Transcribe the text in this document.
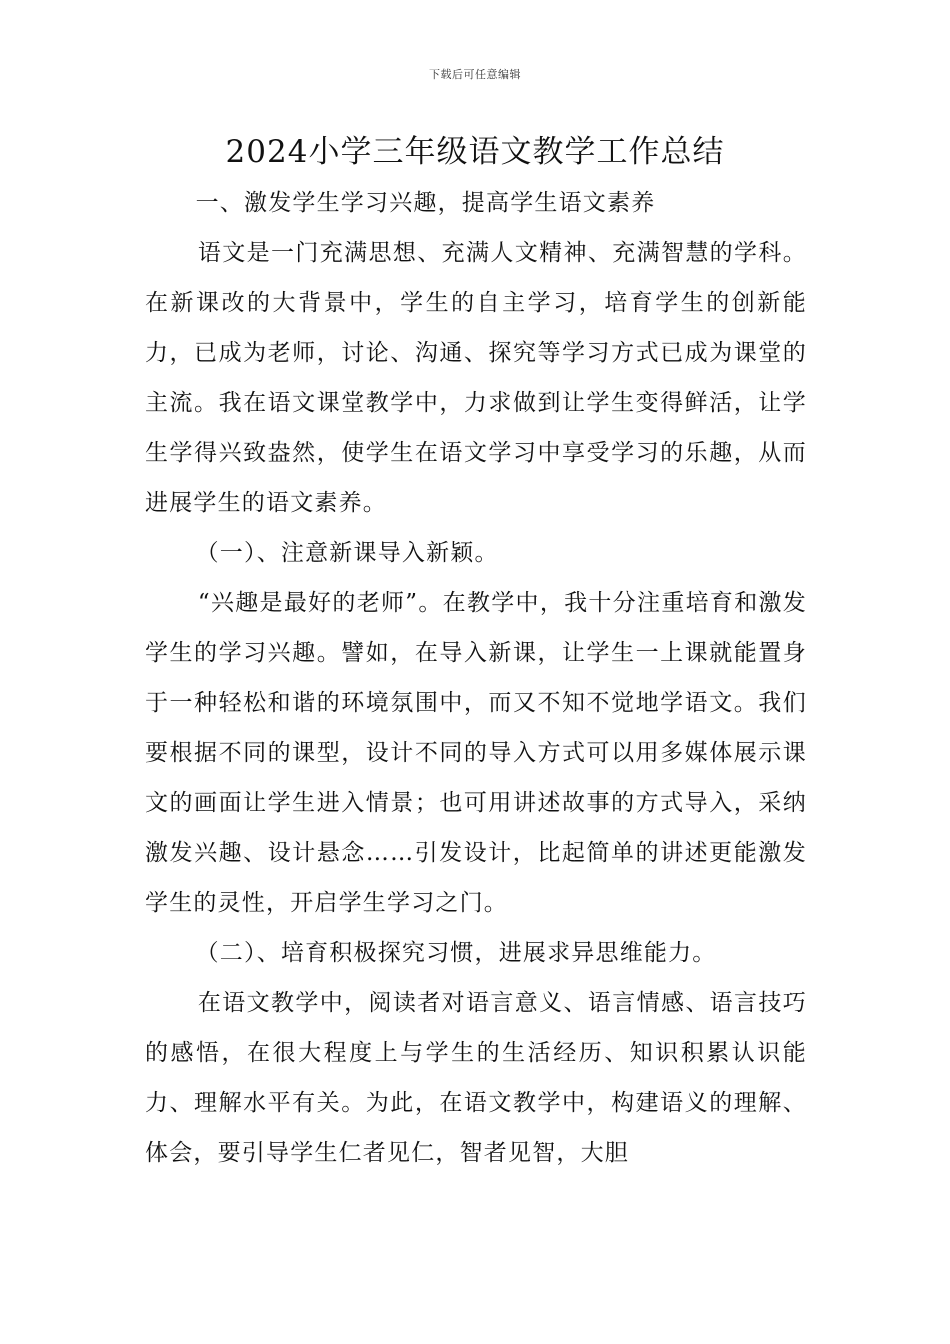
下载后可任意编辑
2024小学三年级语文教学工作总结

一、激发学生学习兴趣，提高学生语文素养

语文是一门充满思想、充满人文精神、充满智慧的学科。在新课改的大背景中，学生的自主学习，培育学生的创新能力，已成为老师，讨论、沟通、探究等学习方式已成为课堂的主流。我在语文课堂教学中，力求做到让学生变得鲜活，让学生学得兴致盎然，使学生在语文学习中享受学习的乐趣，从而进展学生的语文素养。

（一）、注意新课导入新颖。

“兴趣是最好的老师”。在教学中，我十分注重培育和激发学生的学习兴趣。譬如，在导入新课，让学生一上课就能置身于一种轻松和谐的环境氛围中，而又不知不觉地学语文。我们要根据不同的课型，设计不同的导入方式可以用多媒体展示课文的画面让学生进入情景；也可用讲述故事的方式导入，采纳激发兴趣、设计悬念……引发设计，比起简单的讲述更能激发学生的灵性，开启学生学习之门。

（二）、培育积极探究习惯，进展求异思维能力。

在语文教学中，阅读者对语言意义、语言情感、语言技巧的感悟，在很大程度上与学生的生活经历、知识积累认识能力、理解水平有关。为此，在语文教学中，构建语义的理解、体会，要引导学生仁者见仁，智者见智，大胆
